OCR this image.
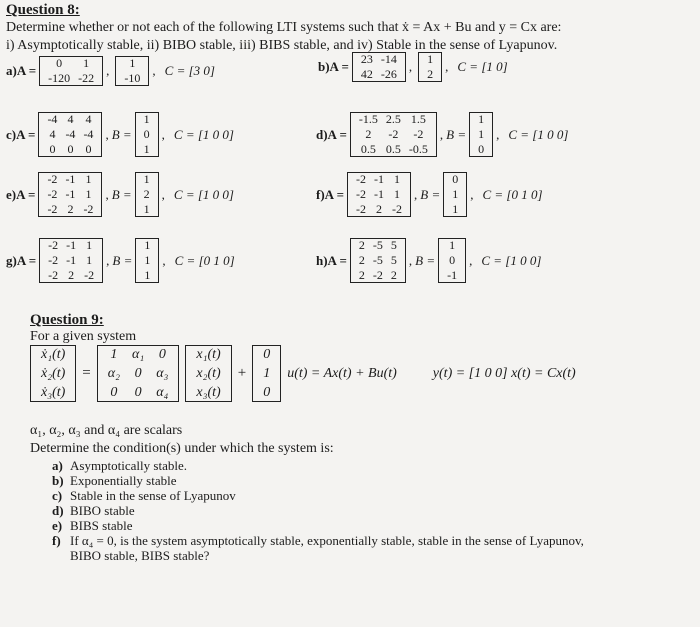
Question 8:
Determine whether or not each of the following LTI systems such that ẋ = Ax + Bu and y = Cx are:
i) Asymptotically stable, ii) BIBO stable, iii) BIBS stable, and iv) Stable in the sense of Lyapunov.
a)A = 0	1
-120	-22 , 1
-10 , C = [3 0]	b)A = 23	-14
42	-26 , 1
2 , C = [1 0]
c)A =
-4	4	4
4	-4	-4
0	0	0
, B =
1
0
1
, C = [1 0 0]	d)A =
-1.5	2.5	1.5
2	-2	-2
0.5	0.5	-0.5
, B =
1
1
0
, C = [1 0 0]
e)A =
-2	-1	1
-2	-1	1
-2	2	-2
, B =
1
2
1
, C = [1 0 0]	f)A =
-2	-1	1
-2	-1	1
-2	2	-2
, B =
0
1
1
, C = [0 1 0]
g)A =
-2	-1	1
-2	-1	1
-2	2	-2
, B =
1
1
1
, C = [0 1 0]	h)A =
2	-5	5
2	-5	5
2	-2	2
, B =
1
0
-1
, C = [1 0 0]
Question 9:
For a given system
ẋ₁(t)
ẋ₂(t)
ẋ₃(t)
=
1	α₁	0
α₂	0	α₃
0	0	α₄
x₁(t)
x₂(t)
x₃(t)
+
0
1
0
u(t) = Ax(t) + Bu(t)	y(t) = [1 0 0] x(t) = Cx(t)
α₁, α₂, α₃ and α₄ are scalars
Determine the condition(s) under which the system is:
a) Asymptotically stable.
b) Exponentially stable
c) Stable in the sense of Lyapunov
d) BIBO stable
e) BIBS stable
f) If α₄ = 0, is the system asymptotically stable, exponentially stable, stable in the sense of Lyapunov,
BIBO stable, BIBS stable?
